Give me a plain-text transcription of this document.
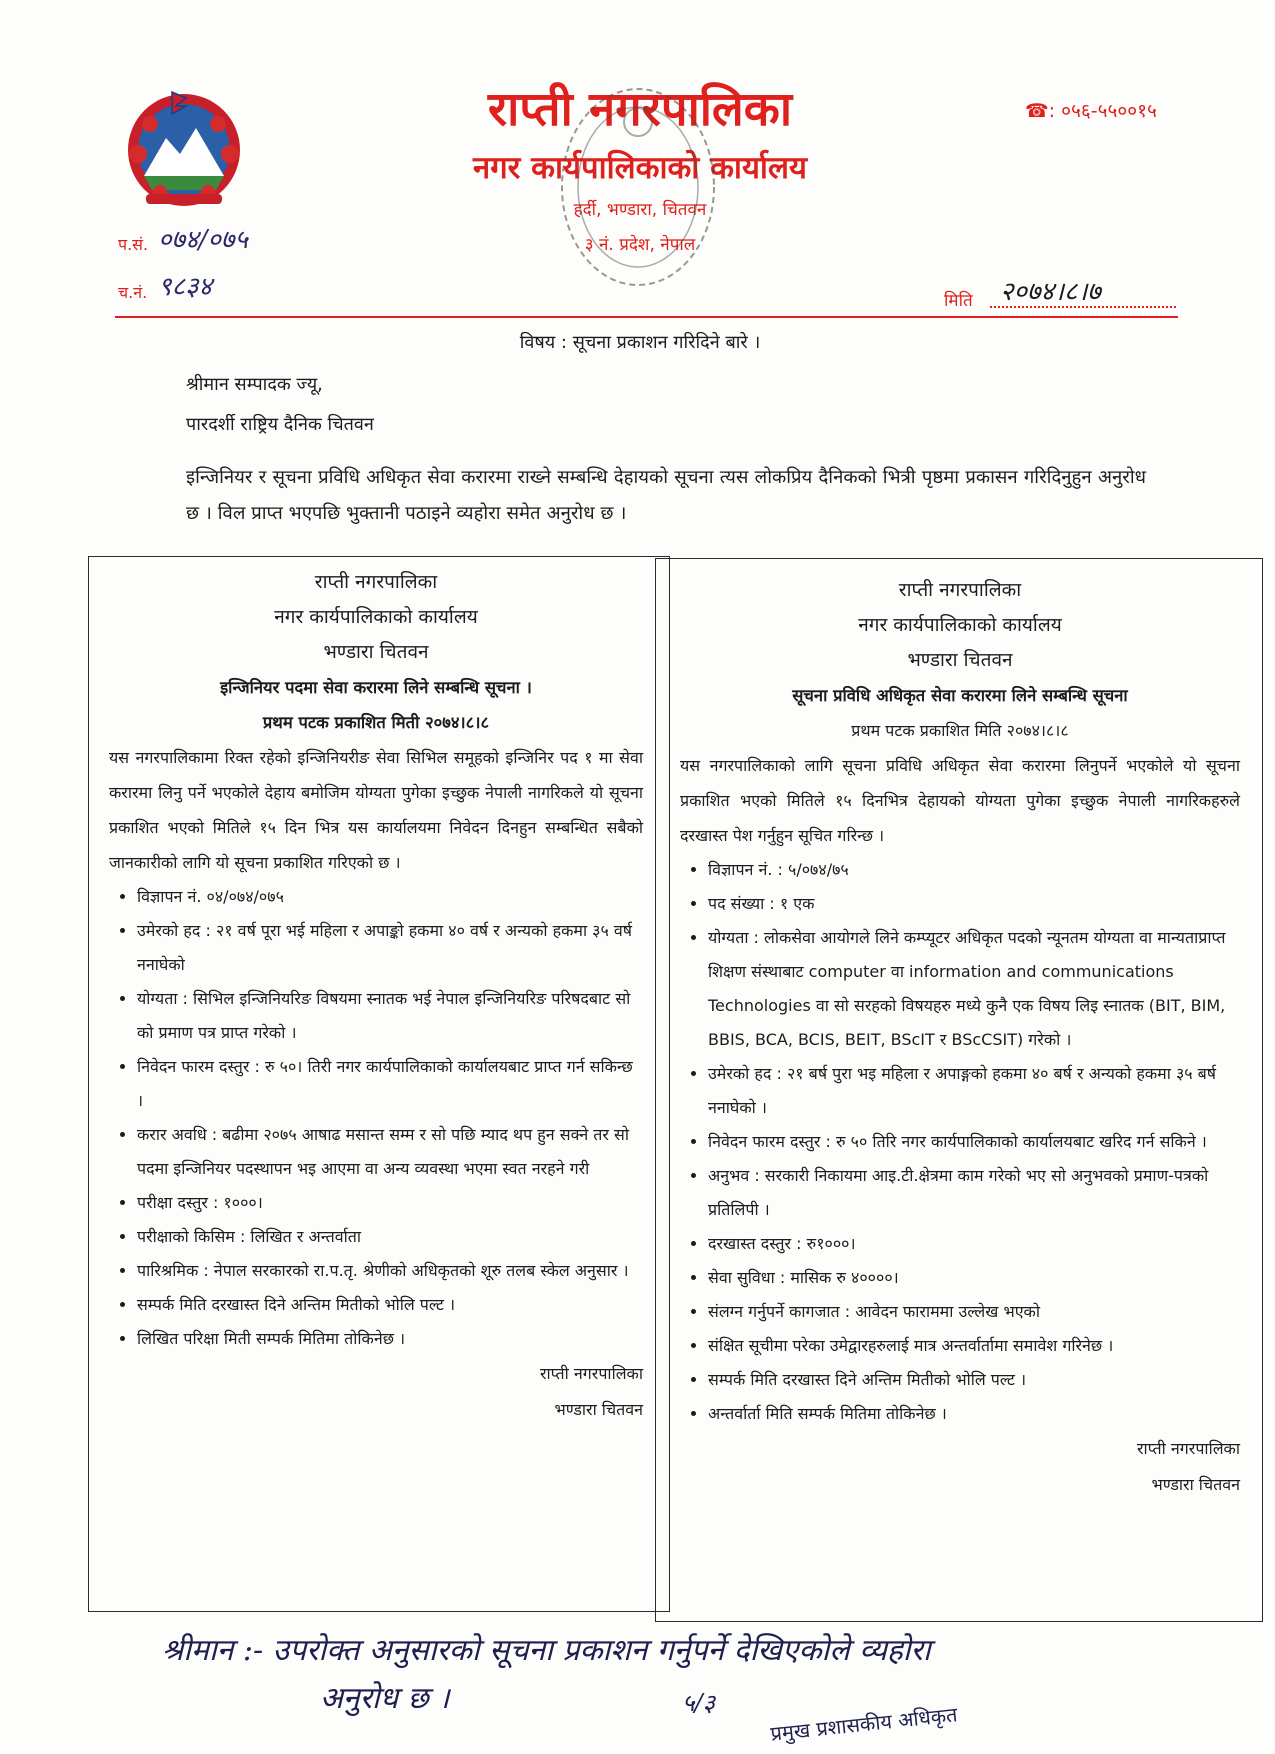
राप्ती नगरपालिका
नगर कार्यपालिकाको कार्यालय
हर्दी, भण्डारा, चितवन
३ नं. प्रदेश, नेपाल
☎: ०५६-५५००१५
प.सं. ०७४/०७५
च.नं. ९८३४	मिति २०७४।८।७
विषय : सूचना प्रकाशन गरिदिने बारे ।
श्रीमान सम्पादक ज्यू,
पारदर्शी राष्ट्रिय दैनिक चितवन
इन्जिनियर र सूचना प्रविधि अधिकृत सेवा करारमा राख्ने सम्बन्धि देहायको सूचना त्यस लोकप्रिय दैनिकको भित्री पृष्ठमा प्रकासन गरिदिनुहुन अनुरोध छ । विल प्राप्त भएपछि भुक्तानी पठाइने व्यहोरा समेत अनुरोध छ ।
राप्ती नगरपालिका
नगर कार्यपालिकाको कार्यालय
भण्डारा चितवन
इन्जिनियर पदमा सेवा करारमा लिने सम्बन्धि सूचना ।
प्रथम पटक प्रकाशित मिती २०७४।८।८
यस नगरपालिकामा रिक्त रहेको इन्जिनियरीङ सेवा सिभिल समूहको इन्जिनिर पद १ मा सेवा करारमा लिनु पर्ने भएकोले देहाय बमोजिम योग्यता पुगेका इच्छुक नेपाली नागरिकले यो सूचना प्रकाशित भएको मितिले १५ दिन भित्र यस कार्यालयमा निवेदन दिनहुन सम्बन्धित सबैको जानकारीको लागि यो सूचना प्रकाशित गरिएको छ ।
• विज्ञापन नं. ०४/०७४/०७५
• उमेरको हद : २१ वर्ष पूरा भई महिला र अपाङ्को हकमा ४० वर्ष र अन्यको हकमा ३५ वर्ष ननाघेको
• योग्यता : सिभिल इन्जिनियरिङ विषयमा स्नातक भई नेपाल इन्जिनियरिङ परिषदबाट सो को प्रमाण पत्र प्राप्त गरेको ।
• निवेदन फारम दस्तुर : रु ५०। तिरी नगर कार्यपालिकाको कार्यालयबाट प्राप्त गर्न सकिन्छ ।
• करार अवधि : बढीमा २०७५ आषाढ मसान्त सम्म र सो पछि म्याद थप हुन सक्ने तर सो पदमा इन्जिनियर पदस्थापन भइ आएमा वा अन्य व्यवस्था भएमा स्वत नरहने गरी
• परीक्षा दस्तुर : १०००।
• परीक्षाको किसिम : लिखित र अन्तर्वाता
• पारिश्रमिक : नेपाल सरकारको रा.प.तृ. श्रेणीको अधिकृतको शूरु तलब स्केल अनुसार ।
• सम्पर्क मिति दरखास्त दिने अन्तिम मितीको भोलि पल्ट ।
• लिखित परिक्षा मिती सम्पर्क मितिमा तोकिनेछ ।
राप्ती नगरपालिका
भण्डारा चितवन
राप्ती नगरपालिका
नगर कार्यपालिकाको कार्यालय
भण्डारा चितवन
सूचना प्रविधि अधिकृत सेवा करारमा लिने सम्बन्धि सूचना
प्रथम पटक प्रकाशित मिति २०७४।८।८
यस नगरपालिकाको लागि सूचना प्रविधि अधिकृत सेवा करारमा लिनुपर्ने भएकोले यो सूचना प्रकाशित भएको मितिले १५ दिनभित्र देहायको योग्यता पुगेका इच्छुक नेपाली नागरिकहरुले दरखास्त पेश गर्नुहुन सूचित गरिन्छ ।
• विज्ञापन नं. : ५/०७४/७५
• पद संख्या : १ एक
• योग्यता : लोकसेवा आयोगले लिने कम्प्यूटर अधिकृत पदको न्यूनतम योग्यता वा मान्यताप्राप्त शिक्षण संस्थाबाट computer वा information and communications Technologies वा सो सरहको विषयहरु मध्ये कुनै एक विषय लिइ स्नातक (BIT, BIM, BBIS, BCA, BCIS, BEIT, BScIT र BScCSIT) गरेको ।
• उमेरको हद : २१ बर्ष पुरा भइ महिला र अपाङ्गको हकमा ४० बर्ष र अन्यको हकमा ३५ बर्ष ननाघेको ।
• निवेदन फारम दस्तुर : रु ५० तिरि नगर कार्यपालिकाको कार्यालयबाट खरिद गर्न सकिने ।
• अनुभव : सरकारी निकायमा आइ.टी.क्षेत्रमा काम गरेको भए सो अनुभवको प्रमाण-पत्रको प्रतिलिपी ।
• दरखास्त दस्तुर : रु१०००।
• सेवा सुविधा : मासिक रु ४००००।
• संलग्न गर्नुपर्ने कागजात : आवेदन फाराममा उल्लेख भएको
• संक्षित सूचीमा परेका उमेद्वारहरुलाई मात्र अन्तर्वार्तामा समावेश गरिनेछ ।
• सम्पर्क मिति दरखास्त दिने अन्तिम मितीको भोलि पल्ट ।
• अन्तर्वार्ता मिति सम्पर्क मितिमा तोकिनेछ ।
राप्ती नगरपालिका
भण्डारा चितवन
श्रीमान :- उपरोक्त अनुसारको सूचना प्रकाशन गर्नुपर्ने देखिएकोले व्यहोरा
अनुरोध छ ।	५/३	प्रमुख प्रशासकीय अधिकृत
